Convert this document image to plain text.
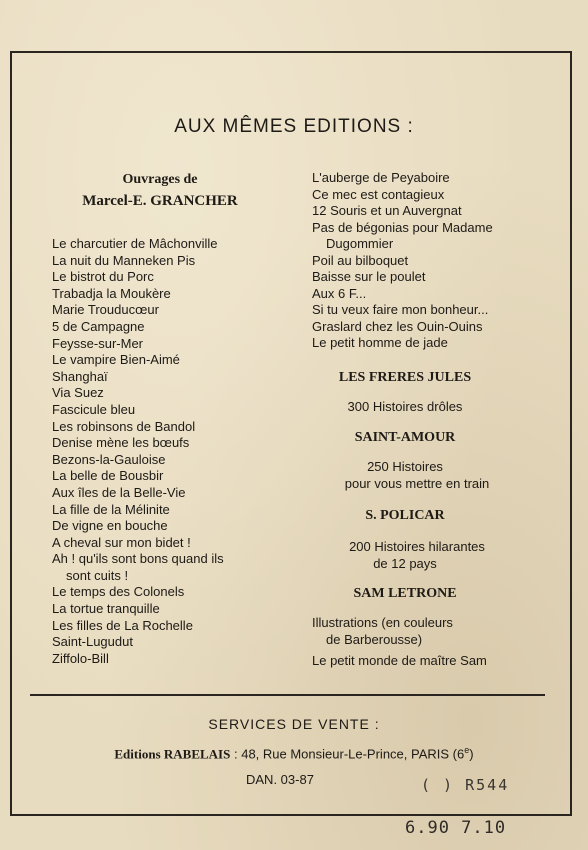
AUX MÊMES EDITIONS :
Ouvrages de
Marcel-E. GRANCHER
Le charcutier de Mâchonville
La nuit du Manneken Pis
Le bistrot du Porc
Trabadja la Moukère
Marie Trouducœur
5 de Campagne
Feysse-sur-Mer
Le vampire Bien-Aimé
Shanghaï
Via Suez
Fascicule bleu
Les robinsons de Bandol
Denise mène les bœufs
Bezons-la-Gauloise
La belle de Bousbir
Aux îles de la Belle-Vie
La fille de la Mélinite
De vigne en bouche
A cheval sur mon bidet !
Ah ! qu'ils sont bons quand ils
sont cuits !
Le temps des Colonels
La tortue tranquille
Les filles de La Rochelle
Saint-Lugudut
Ziffolo-Bill
L'auberge de Peyaboire
Ce mec est contagieux
12 Souris et un Auvergnat
Pas de bégonias pour Madame
Dugommier
Poil au bilboquet
Baisse sur le poulet
Aux 6 F...
Si tu veux faire mon bonheur...
Graslard chez les Ouin-Ouins
Le petit homme de jade
LES FRERES JULES
300 Histoires drôles
SAINT-AMOUR
250 Histoires
pour vous mettre en train
S. POLICAR
200 Histoires hilarantes
de 12 pays
SAM LETRONE
Illustrations (en couleurs
de Barberousse)
Le petit monde de maître Sam
SERVICES DE VENTE :
Editions RABELAIS : 48, Rue Monsieur-Le-Prince, PARIS (6e)
DAN. 03-87	( ) R544
6.90 7.10
